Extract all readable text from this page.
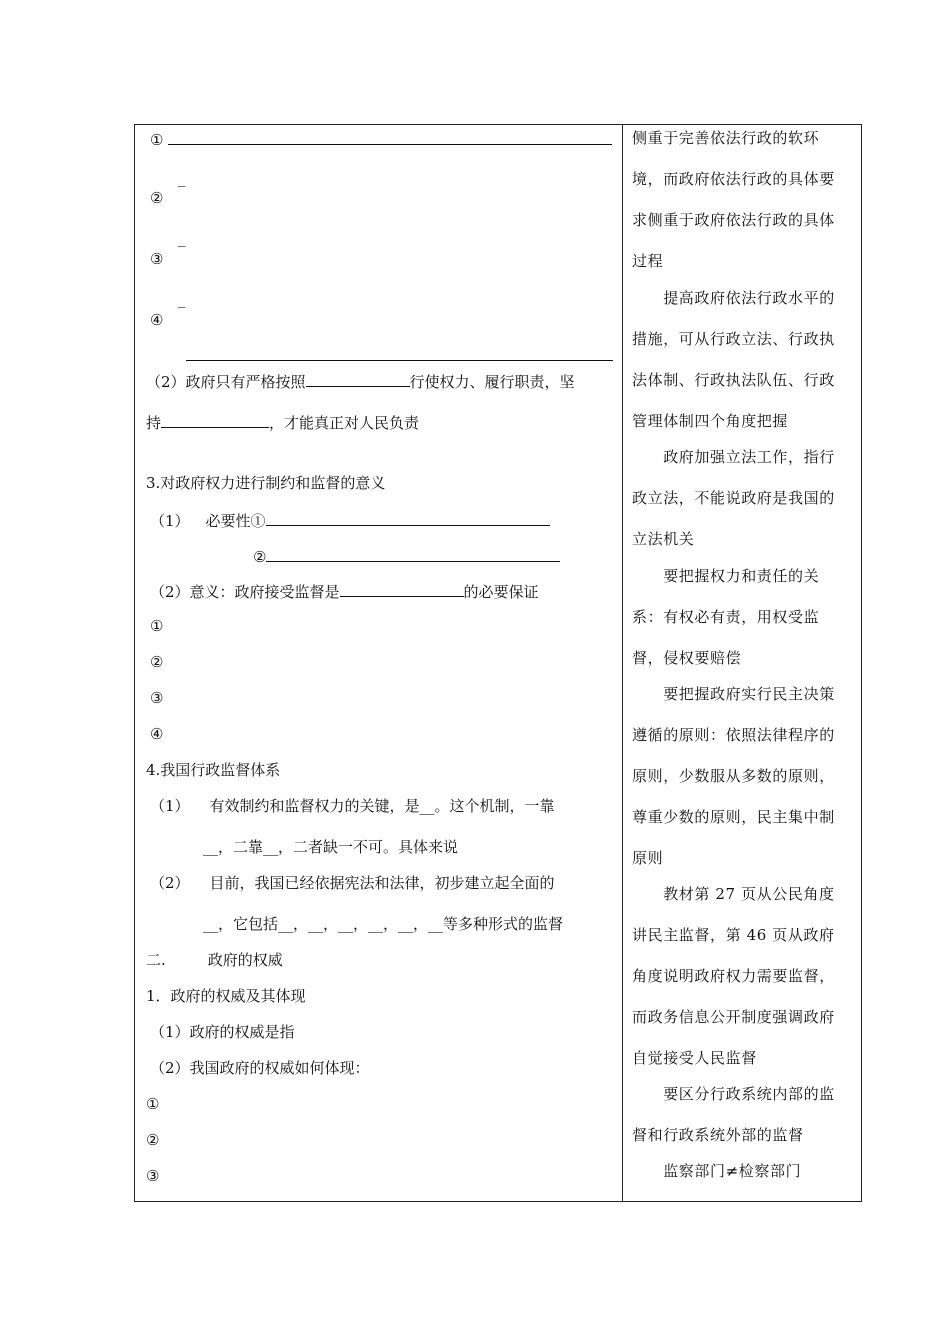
①
_
②
_
③
_
④
（2）政府只有严格按照	行使权力、履行职责，坚
持	，才能真正对人民负责
3.对政府权力进行制约和监督的意义
（1） 必要性①
②
（2）意义：政府接受监督是	的必要保证
①
②
③
④
4.我国行政监督体系
（1） 有效制约和监督权力的关键，是__。这个机制，一靠
__，二靠__，二者缺一不可。具体来说
（2） 目前，我国已经依据宪法和法律，初步建立起全面的
__，它包括__，__，__，__，__，__等多种形式的监督
二.	政府的权威
1．政府的权威及其体现
（1）政府的权威是指
（2）我国政府的权威如何体现：
①
②
③
侧重于完善依法行政的软环
境，而政府依法行政的具体要
求侧重于政府依法行政的具体
过程
　　提高政府依法行政水平的
措施，可从行政立法、行政执
法体制、行政执法队伍、行政
管理体制四个角度把握
　　政府加强立法工作，指行
政立法，不能说政府是我国的
立法机关
　　要把握权力和责任的关
系：有权必有责，用权受监
督，侵权要赔偿
　　要把握政府实行民主决策
遵循的原则：依照法律程序的
原则，少数服从多数的原则，
尊重少数的原则，民主集中制
原则
　　教材第 27 页从公民角度
讲民主监督，第 46 页从政府
角度说明政府权力需要监督，
而政务信息公开制度强调政府
自觉接受人民监督
　　要区分行政系统内部的监
督和行政系统外部的监督
　　监察部门≠检察部门
